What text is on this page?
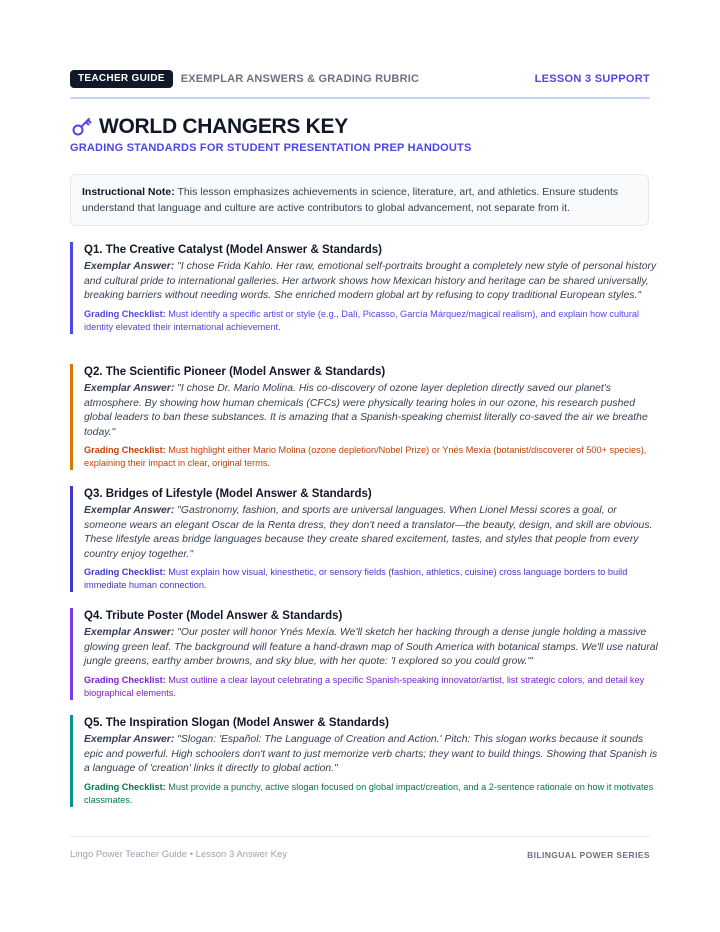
TEACHER GUIDE	EXEMPLAR ANSWERS & GRADING RUBRIC	LESSON 3 SUPPORT
WORLD CHANGERS KEY
GRADING STANDARDS FOR STUDENT PRESENTATION PREP HANDOUTS
Instructional Note: This lesson emphasizes achievements in science, literature, art, and athletics. Ensure students understand that language and culture are active contributors to global advancement, not separate from it.
Q1. The Creative Catalyst (Model Answer & Standards)
Exemplar Answer: "I chose Frida Kahlo. Her raw, emotional self-portraits brought a completely new style of personal history and cultural pride to international galleries. Her artwork shows how Mexican history and heritage can be shared universally, breaking barriers without needing words. She enriched modern global art by refusing to copy traditional European styles."
Grading Checklist: Must identify a specific artist or style (e.g., Dalí, Picasso, García Márquez/magical realism), and explain how cultural identity elevated their international achievement.
Q2. The Scientific Pioneer (Model Answer & Standards)
Exemplar Answer: "I chose Dr. Mario Molina. His co-discovery of ozone layer depletion directly saved our planet's atmosphere. By showing how human chemicals (CFCs) were physically tearing holes in our ozone, his research pushed global leaders to ban these substances. It is amazing that a Spanish-speaking chemist literally co-saved the air we breathe today."
Grading Checklist: Must highlight either Mario Molina (ozone depletion/Nobel Prize) or Ynés Mexía (botanist/discoverer of 500+ species), explaining their impact in clear, original terms.
Q3. Bridges of Lifestyle (Model Answer & Standards)
Exemplar Answer: "Gastronomy, fashion, and sports are universal languages. When Lionel Messi scores a goal, or someone wears an elegant Oscar de la Renta dress, they don't need a translator—the beauty, design, and skill are obvious. These lifestyle areas bridge languages because they create shared excitement, tastes, and styles that people from every country enjoy together."
Grading Checklist: Must explain how visual, kinesthetic, or sensory fields (fashion, athletics, cuisine) cross language borders to build immediate human connection.
Q4. Tribute Poster (Model Answer & Standards)
Exemplar Answer: "Our poster will honor Ynés Mexía. We'll sketch her hacking through a dense jungle holding a massive glowing green leaf. The background will feature a hand-drawn map of South America with botanical stamps. We'll use natural jungle greens, earthy amber browns, and sky blue, with her quote: 'I explored so you could grow.'"
Grading Checklist: Must outline a clear layout celebrating a specific Spanish-speaking innovator/artist, list strategic colors, and detail key biographical elements.
Q5. The Inspiration Slogan (Model Answer & Standards)
Exemplar Answer: "Slogan: 'Español: The Language of Creation and Action.' Pitch: This slogan works because it sounds epic and powerful. High schoolers don't want to just memorize verb charts; they want to build things. Showing that Spanish is a language of 'creation' links it directly to global action."
Grading Checklist: Must provide a punchy, active slogan focused on global impact/creation, and a 2-sentence rationale on how it motivates classmates.
Lingo Power Teacher Guide • Lesson 3 Answer Key	BILINGUAL POWER SERIES
